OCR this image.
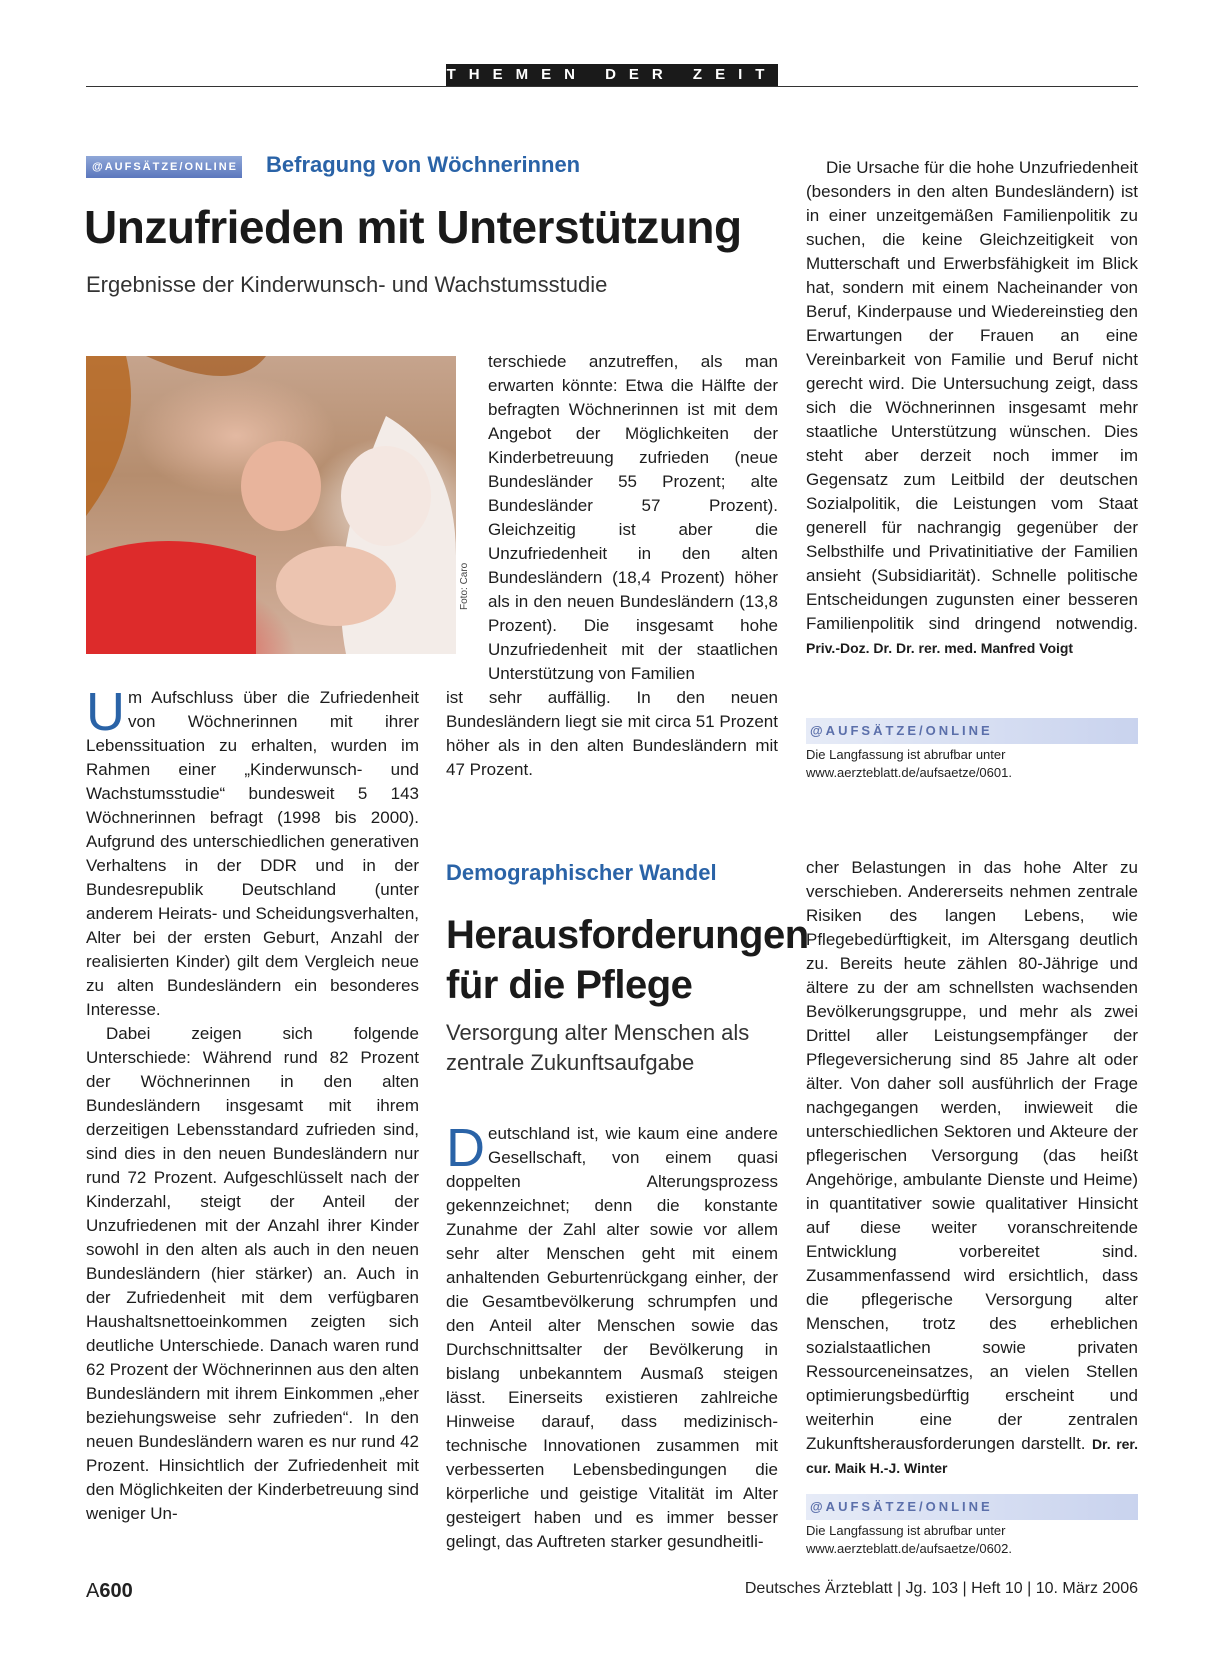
THEMEN DER ZEIT
@AUFSÄTZE/ONLINE Befragung von Wöchnerinnen
Unzufrieden mit Unterstützung
Ergebnisse der Kinderwunsch- und Wachstumsstudie
Foto: Caro

Um Aufschluss über die Zufriedenheit von Wöchnerinnen mit ihrer Lebenssituation zu erhalten, wurden im Rahmen einer „Kinderwunsch- und Wachstumsstudie“ bundesweit 5 143 Wöchnerinnen befragt (1998 bis 2000). Aufgrund des unterschiedlichen generativen Verhaltens in der DDR und in der Bundesrepublik Deutschland (unter anderem Heirats- und Scheidungsverhalten, Alter bei der ersten Geburt, Anzahl der realisierten Kinder) gilt dem Vergleich neue zu alten Bundesländern ein besonderes Interesse.

Dabei zeigen sich folgende Unterschiede: Während rund 82 Prozent der Wöchnerinnen in den alten Bundesländern insgesamt mit ihrem derzeitigen Lebensstandard zufrieden sind, sind dies in den neuen Bundesländern nur rund 72 Prozent. Aufgeschlüsselt nach der Kinderzahl, steigt der Anteil der Unzufriedenen mit der Anzahl ihrer Kinder sowohl in den alten als auch in den neuen Bundesländern (hier stärker) an. Auch in der Zufriedenheit mit dem verfügbaren Haushaltsnettoeinkommen zeigten sich deutliche Unterschiede. Danach waren rund 62 Prozent der Wöchnerinnen aus den alten Bundesländern mit ihrem Einkommen „eher beziehungsweise sehr zufrieden“. In den neuen Bundesländern waren es nur rund 42 Prozent. Hinsichtlich der Zufriedenheit mit den Möglichkeiten der Kinderbetreuung sind weniger Un-

terschiede anzutreffen, als man erwarten könnte: Etwa die Hälfte der befragten Wöchnerinnen ist mit dem Angebot der Möglichkeiten der Kinderbetreuung zufrieden (neue Bundesländer 55 Prozent; alte Bundesländer 57 Prozent). Gleichzeitig ist aber die Unzufriedenheit in den alten Bundesländern (18,4 Prozent) höher als in den neuen Bundesländern (13,8 Prozent). Die insgesamt hohe Unzufriedenheit mit der staatlichen Unterstützung von Familien
ist sehr auffällig. In den neuen Bundesländern liegt sie mit circa 51 Prozent höher als in den alten Bundesländern mit 47 Prozent.

Die Ursache für die hohe Unzufriedenheit (besonders in den alten Bundesländern) ist in einer unzeitgemäßen Familienpolitik zu suchen, die keine Gleichzeitigkeit von Mutterschaft und Erwerbsfähigkeit im Blick hat, sondern mit einem Nacheinander von Beruf, Kinderpause und Wiedereinstieg den Erwartungen der Frauen an eine Vereinbarkeit von Familie und Beruf nicht gerecht wird. Die Untersuchung zeigt, dass sich die Wöchnerinnen insgesamt mehr staatliche Unterstützung wünschen. Dies steht aber derzeit noch immer im Gegensatz zum Leitbild der deutschen Sozialpolitik, die Leistungen vom Staat generell für nachrangig gegenüber der Selbsthilfe und Privatinitiative der Familien ansieht (Subsidiarität). Schnelle politische Entscheidungen zugunsten einer besseren Familienpolitik sind dringend notwendig. Priv.-Doz. Dr. Dr. rer. med. Manfred Voigt

@AUFSÄTZE/ONLINE
Die Langfassung ist abrufbar unter www.aerzteblatt.de/aufsaetze/0601.
Demographischer Wandel
Herausforderungen
für die Pflege
Versorgung alter Menschen als
zentrale Zukunftsaufgabe

Deutschland ist, wie kaum eine andere Gesellschaft, von einem quasi doppelten Alterungsprozess gekennzeichnet; denn die konstante Zunahme der Zahl alter sowie vor allem sehr alter Menschen geht mit einem anhaltenden Geburtenrückgang einher, der die Gesamtbevölkerung schrumpfen und den Anteil alter Menschen sowie das Durchschnittsalter der Bevölkerung in bislang unbekanntem Ausmaß steigen lässt. Einerseits existieren zahlreiche Hinweise darauf, dass medizinisch-technische Innovationen zusammen mit verbesserten Lebensbedingungen die körperliche und geistige Vitalität im Alter gesteigert haben und es immer besser gelingt, das Auftreten starker gesundheitli-

cher Belastungen in das hohe Alter zu verschieben. Andererseits nehmen zentrale Risiken des langen Lebens, wie Pflegebedürftigkeit, im Altersgang deutlich zu. Bereits heute zählen 80-Jährige und ältere zu der am schnellsten wachsenden Bevölkerungsgruppe, und mehr als zwei Drittel aller Leistungsempfänger der Pflegeversicherung sind 85 Jahre alt oder älter. Von daher soll ausführlich der Frage nachgegangen werden, inwieweit die unterschiedlichen Sektoren und Akteure der pflegerischen Versorgung (das heißt Angehörige, ambulante Dienste und Heime) in quantitativer sowie qualitativer Hinsicht auf diese weiter voranschreitende Entwicklung vorbereitet sind. Zusammenfassend wird ersichtlich, dass die pflegerische Versorgung alter Menschen, trotz des erheblichen sozialstaatlichen sowie privaten Ressourceneinsatzes, an vielen Stellen optimierungsbedürftig erscheint und weiterhin eine der zentralen Zukunftsherausforderungen darstellt. Dr. rer. cur. Maik H.-J. Winter

@AUFSÄTZE/ONLINE
Die Langfassung ist abrufbar unter www.aerzteblatt.de/aufsaetze/0602.
A600	Deutsches Ärzteblatt | Jg. 103 | Heft 10 | 10. März 2006
